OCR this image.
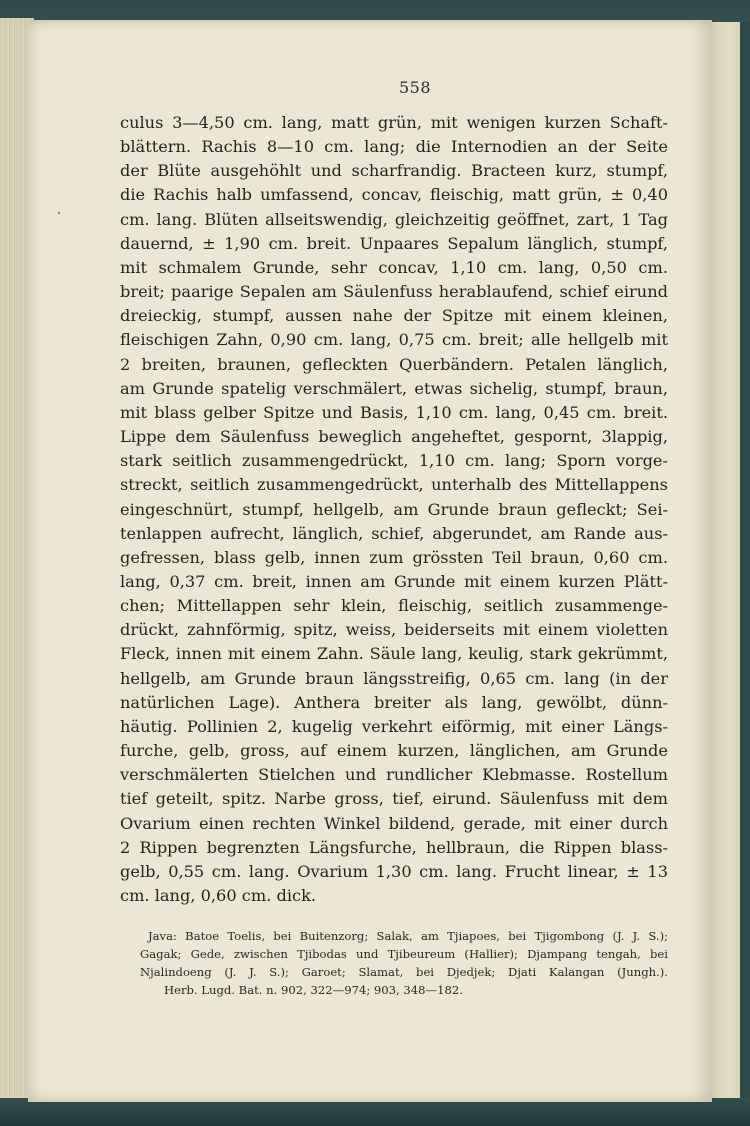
558
culus 3—4,50 cm. lang, matt grün, mit wenigen kurzen Schaft-
blättern. Rachis 8—10 cm. lang; die Internodien an der Seite
der Blüte ausgehöhlt und scharfrandig. Bracteen kurz, stumpf,
die Rachis halb umfassend, concav, fleischig, matt grün, ± 0,40
cm. lang. Blüten allseitswendig, gleichzeitig geöffnet, zart, 1 Tag
dauernd, ± 1,90 cm. breit. Unpaares Sepalum länglich, stumpf,
mit schmalem Grunde, sehr concav, 1,10 cm. lang, 0,50 cm.
breit; paarige Sepalen am Säulenfuss herablaufend, schief eirund
dreieckig, stumpf, aussen nahe der Spitze mit einem kleinen,
fleischigen Zahn, 0,90 cm. lang, 0,75 cm. breit; alle hellgelb mit
2 breiten, braunen, gefleckten Querbändern. Petalen länglich,
am Grunde spatelig verschmälert, etwas sichelig, stumpf, braun,
mit blass gelber Spitze und Basis, 1,10 cm. lang, 0,45 cm. breit.
Lippe dem Säulenfuss beweglich angeheftet, gespornt, 3lappig,
stark seitlich zusammengedrückt, 1,10 cm. lang; Sporn vorge-
streckt, seitlich zusammengedrückt, unterhalb des Mittellappens
eingeschnürt, stumpf, hellgelb, am Grunde braun gefleckt; Sei-
tenlappen aufrecht, länglich, schief, abgerundet, am Rande aus-
gefressen, blass gelb, innen zum grössten Teil braun, 0,60 cm.
lang, 0,37 cm. breit, innen am Grunde mit einem kurzen Plätt-
chen; Mittellappen sehr klein, fleischig, seitlich zusammenge-
drückt, zahnförmig, spitz, weiss, beiderseits mit einem violetten
Fleck, innen mit einem Zahn. Säule lang, keulig, stark gekrümmt,
hellgelb, am Grunde braun längsstreifig, 0,65 cm. lang (in der
natürlichen Lage). Anthera breiter als lang, gewölbt, dünn-
häutig. Pollinien 2, kugelig verkehrt eiförmig, mit einer Längs-
furche, gelb, gross, auf einem kurzen, länglichen, am Grunde
verschmälerten Stielchen und rundlicher Klebmasse. Rostellum
tief geteilt, spitz. Narbe gross, tief, eirund. Säulenfuss mit dem
Ovarium einen rechten Winkel bildend, gerade, mit einer durch
2 Rippen begrenzten Längsfurche, hellbraun, die Rippen blass-
gelb, 0,55 cm. lang. Ovarium 1,30 cm. lang. Frucht linear, ± 13
cm. lang, 0,60 cm. dick.
Java: Batoe Toelis, bei Buitenzorg; Salak, am Tjiapoes, bei Tjigombong (J. J. S.);
Gagak; Gede, zwischen Tjibodas und Tjibeureum (Hallier); Djampang tengah, bei
Njalindoeng (J. J. S.); Garoet; Slamat, bei Djedjek; Djati Kalangan (Jungh.).
Herb. Lugd. Bat. n. 902, 322—974; 903, 348—182.
